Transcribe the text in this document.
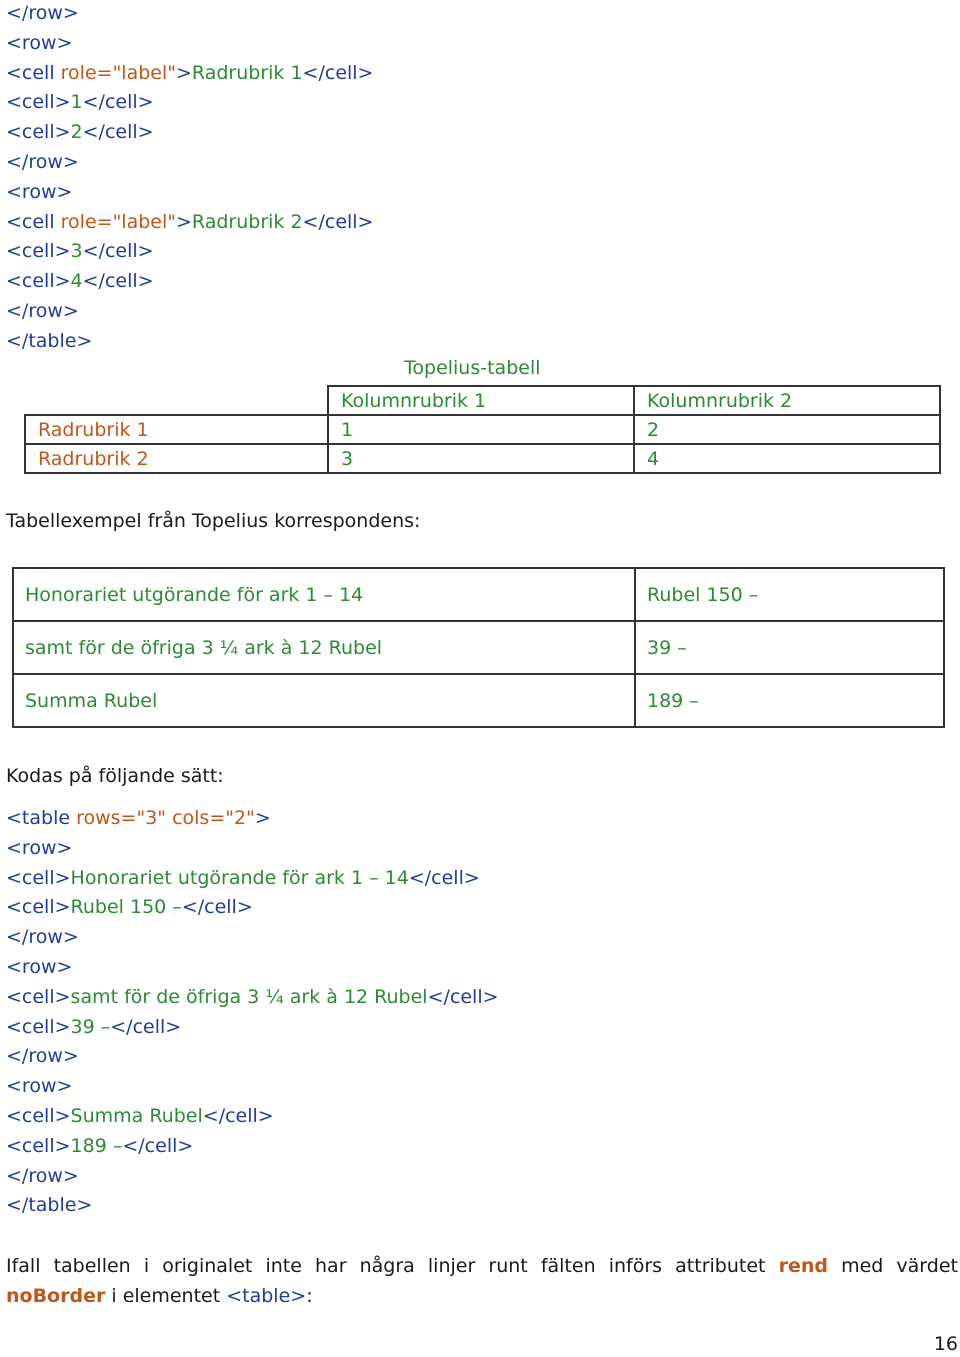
</row>
<row>
<cell role="label">Radrubrik 1</cell>
<cell>1</cell>
<cell>2</cell>
</row>
<row>
<cell role="label">Radrubrik 2</cell>
<cell>3</cell>
<cell>4</cell>
</row>
</table>
Topelius-tabell
	Kolumnrubrik 1	Kolumnrubrik 2
Radrubrik 1	1	2
Radrubrik 2	3	4
Tabellexempel från Topelius korrespondens:
Honorariet utgörande för ark 1 – 14	Rubel 150 –
samt för de öfriga 3 ¼ ark à 12 Rubel	39 –
Summa Rubel	189 –
Kodas på följande sätt:
<table rows="3" cols="2">
<row>
<cell>Honorariet utgörande för ark 1 – 14</cell>
<cell>Rubel 150 –</cell>
</row>
<row>
<cell>samt för de öfriga 3 ¼ ark à 12 Rubel</cell>
<cell>39 –</cell>
</row>
<row>
<cell>Summa Rubel</cell>
<cell>189 –</cell>
</row>
</table>
Ifall tabellen i originalet inte har några linjer runt fälten införs attributet rend med värdet noBorder i elementet <table>:
16
